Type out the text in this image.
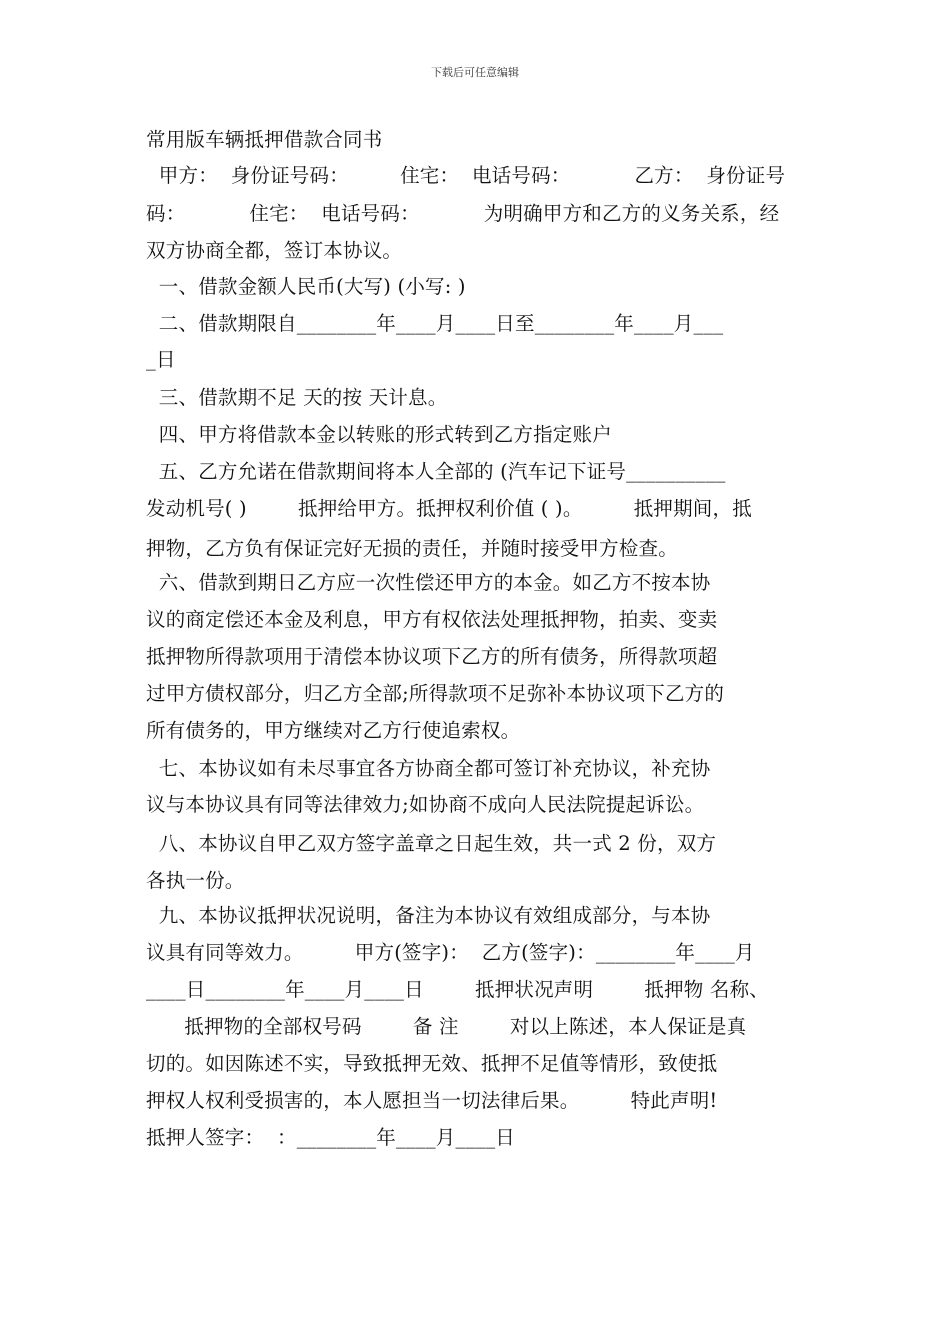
下载后可任意编辑
常用版车辆抵押借款合同书
甲方：  身份证号码：        住宅：  电话号码：          乙方：  身份证号
码：          住宅：  电话号码：          为明确甲方和乙方的义务关系，经
双方协商全都，签订本协议。
一、借款金额人民币(大写) (小写: )
二、借款期限自________年____月____日至________年____月___
_日
三、借款期不足 天的按 天计息。
四、甲方将借款本金以转账的形式转到乙方指定账户
五、乙方允诺在借款期间将本人全部的 (汽车记下证号__________
发动机号( )        抵押给甲方。抵押权利价值 ( )。        抵押期间，抵
押物，乙方负有保证完好无损的责任，并随时接受甲方检查。
六、借款到期日乙方应一次性偿还甲方的本金。如乙方不按本协
议的商定偿还本金及利息，甲方有权依法处理抵押物，拍卖、变卖
抵押物所得款项用于清偿本协议项下乙方的所有债务，所得款项超
过甲方债权部分，归乙方全部;所得款项不足弥补本协议项下乙方的
所有债务的，甲方继续对乙方行使追索权。
七、本协议如有未尽事宜各方协商全都可签订补充协议，补充协
议与本协议具有同等法律效力;如协商不成向人民法院提起诉讼。
八、本协议自甲乙双方签字盖章之日起生效，共一式 2 份，双方
各执一份。
九、本协议抵押状况说明，备注为本协议有效组成部分，与本协
议具有同等效力。        甲方(签字)：  乙方(签字)：________年____月
____日________年____月____日        抵押状况声明        抵押物 名称、
抵押物的全部权号码        备 注        对以上陈述，本人保证是真
切的。如因陈述不实，导致抵押无效、抵押不足值等情形，致使抵
押权人权利受损害的，本人愿担当一切法律后果。        特此声明!
抵押人签字：  ：________年____月____日
